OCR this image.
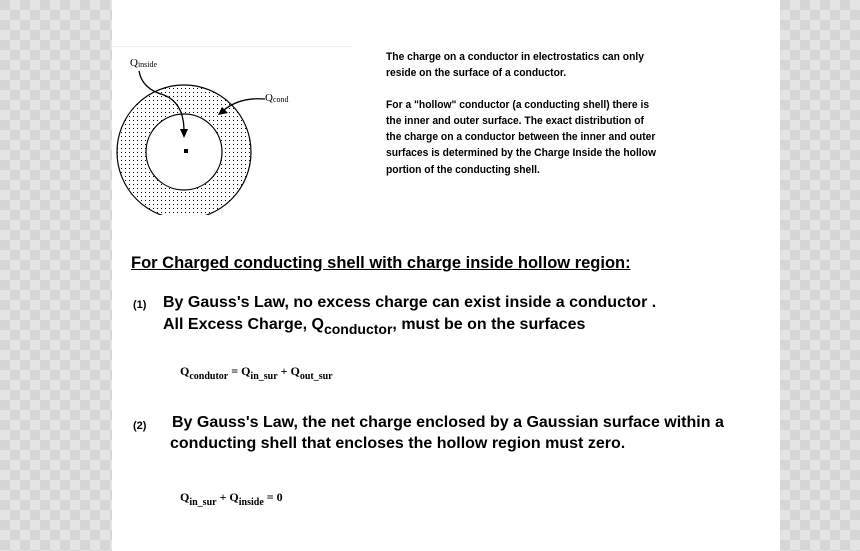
Qinside
Qcond

The charge on a conductor in electrostatics can only reside on the surface of a conductor.

For a "hollow" conductor (a conducting shell) there is the inner and outer surface. The exact distribution of the charge on a conductor between the inner and outer surfaces is determined by the Charge Inside the hollow portion of the conducting shell.

For Charged conducting shell with charge inside hollow region:
(1) By Gauss's Law, no excess charge can exist inside a conductor .
All Excess Charge, Qconductor, must be on the surfaces
$Q_{condutor} = Q_{in\_sur} + Q_{out\_sur}$
(2) By Gauss's Law, the net charge enclosed by a Gaussian surface within a
conducting shell that encloses the hollow region must zero.
$Q_{in\_sur} + Q_{inside} = 0$
